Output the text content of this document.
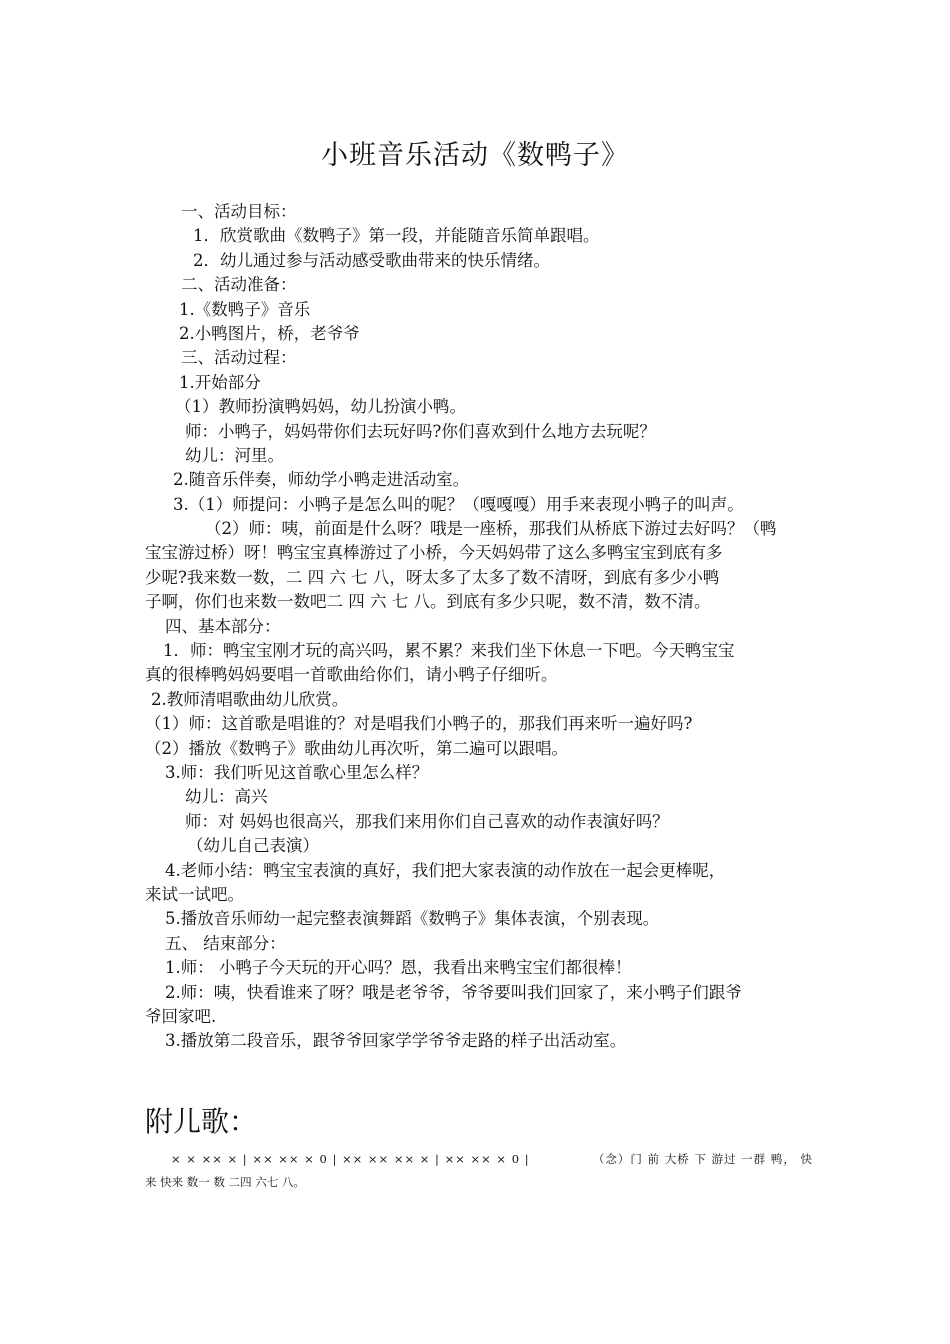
小班音乐活动《数鸭子》
一、活动目标：
1．欣赏歌曲《数鸭子》第一段，并能随音乐简单跟唱。
2．幼儿通过参与活动感受歌曲带来的快乐情绪。
二、活动准备：
1.《数鸭子》音乐
2.小鸭图片，桥，老爷爷
三、活动过程：
1.开始部分
（1）教师扮演鸭妈妈，幼儿扮演小鸭。
师：小鸭子，妈妈带你们去玩好吗?你们喜欢到什么地方去玩呢？
幼儿：河里。
2.随音乐伴奏，师幼学小鸭走进活动室。
3.（1）师提问：小鸭子是怎么叫的呢？（嘎嘎嘎）用手来表现小鸭子的叫声。
（2）师：咦，前面是什么呀？哦是一座桥，那我们从桥底下游过去好吗？（鸭
宝宝游过桥）呀！鸭宝宝真棒游过了小桥，今天妈妈带了这么多鸭宝宝到底有多
少呢?我来数一数，二 四 六 七 八，呀太多了太多了数不清呀，到底有多少小鸭
子啊，你们也来数一数吧二 四 六 七 八。到底有多少只呢，数不清，数不清。
四、基本部分：
1．师：鸭宝宝刚才玩的高兴吗，累不累？来我们坐下休息一下吧。今天鸭宝宝
真的很棒鸭妈妈要唱一首歌曲给你们，请小鸭子仔细听。
2.教师清唱歌曲幼儿欣赏。
（1）师：这首歌是唱谁的？对是唱我们小鸭子的，那我们再来听一遍好吗?
（2）播放《数鸭子》歌曲幼儿再次听，第二遍可以跟唱。
3.师：我们听见这首歌心里怎么样？
幼儿：高兴
师：对 妈妈也很高兴，那我们来用你们自己喜欢的动作表演好吗？
（幼儿自己表演）
4.老师小结：鸭宝宝表演的真好，我们把大家表演的动作放在一起会更棒呢，
来试一试吧。
5.播放音乐师幼一起完整表演舞蹈《数鸭子》集体表演，个别表现。
五、 结束部分：
1.师： 小鸭子今天玩的开心吗？恩，我看出来鸭宝宝们都很棒！
2.师：咦，快看谁来了呀？哦是老爷爷，爷爷要叫我们回家了，来小鸭子们跟爷
爷回家吧.
3.播放第二段音乐，跟爷爷回家学学爷爷走路的样子出活动室。
附儿歌：
× × ×× × | ×× ×× × 0 | ×× ×× ×× × | ×× ×× × 0 |	（念）门 前 大桥 下 游过 一群 鸭， 快
来 快来 数一 数 二四 六七 八。
